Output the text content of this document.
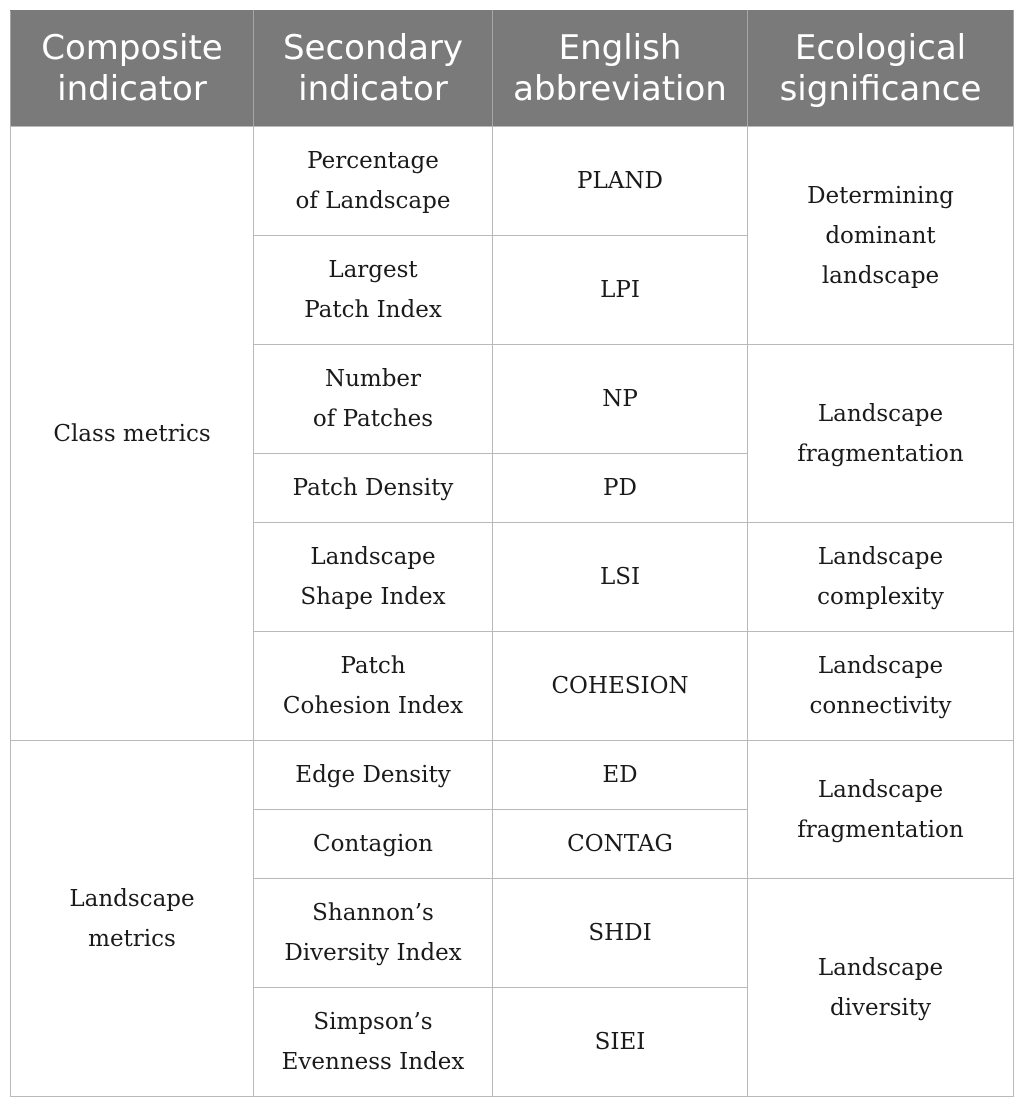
Composite
indicator	Secondary
indicator	English
abbreviation	Ecological
significance

Class metrics	Percentage
of Landscape	PLAND	Determining
dominant
landscape

	Largest
Patch Index	LPI	

	Number
of Patches	NP	Landscape
fragmentation

	Patch Density	PD	

	Landscape
Shape Index	LSI	Landscape
complexity

	Patch
Cohesion Index	COHESION	Landscape
connectivity

Landscape
metrics	Edge Density	ED	Landscape
fragmentation

	Contagion	CONTAG	

	Shannon’s
Diversity Index	SHDI	Landscape
diversity

	Simpson’s
Evenness Index	SIEI	
